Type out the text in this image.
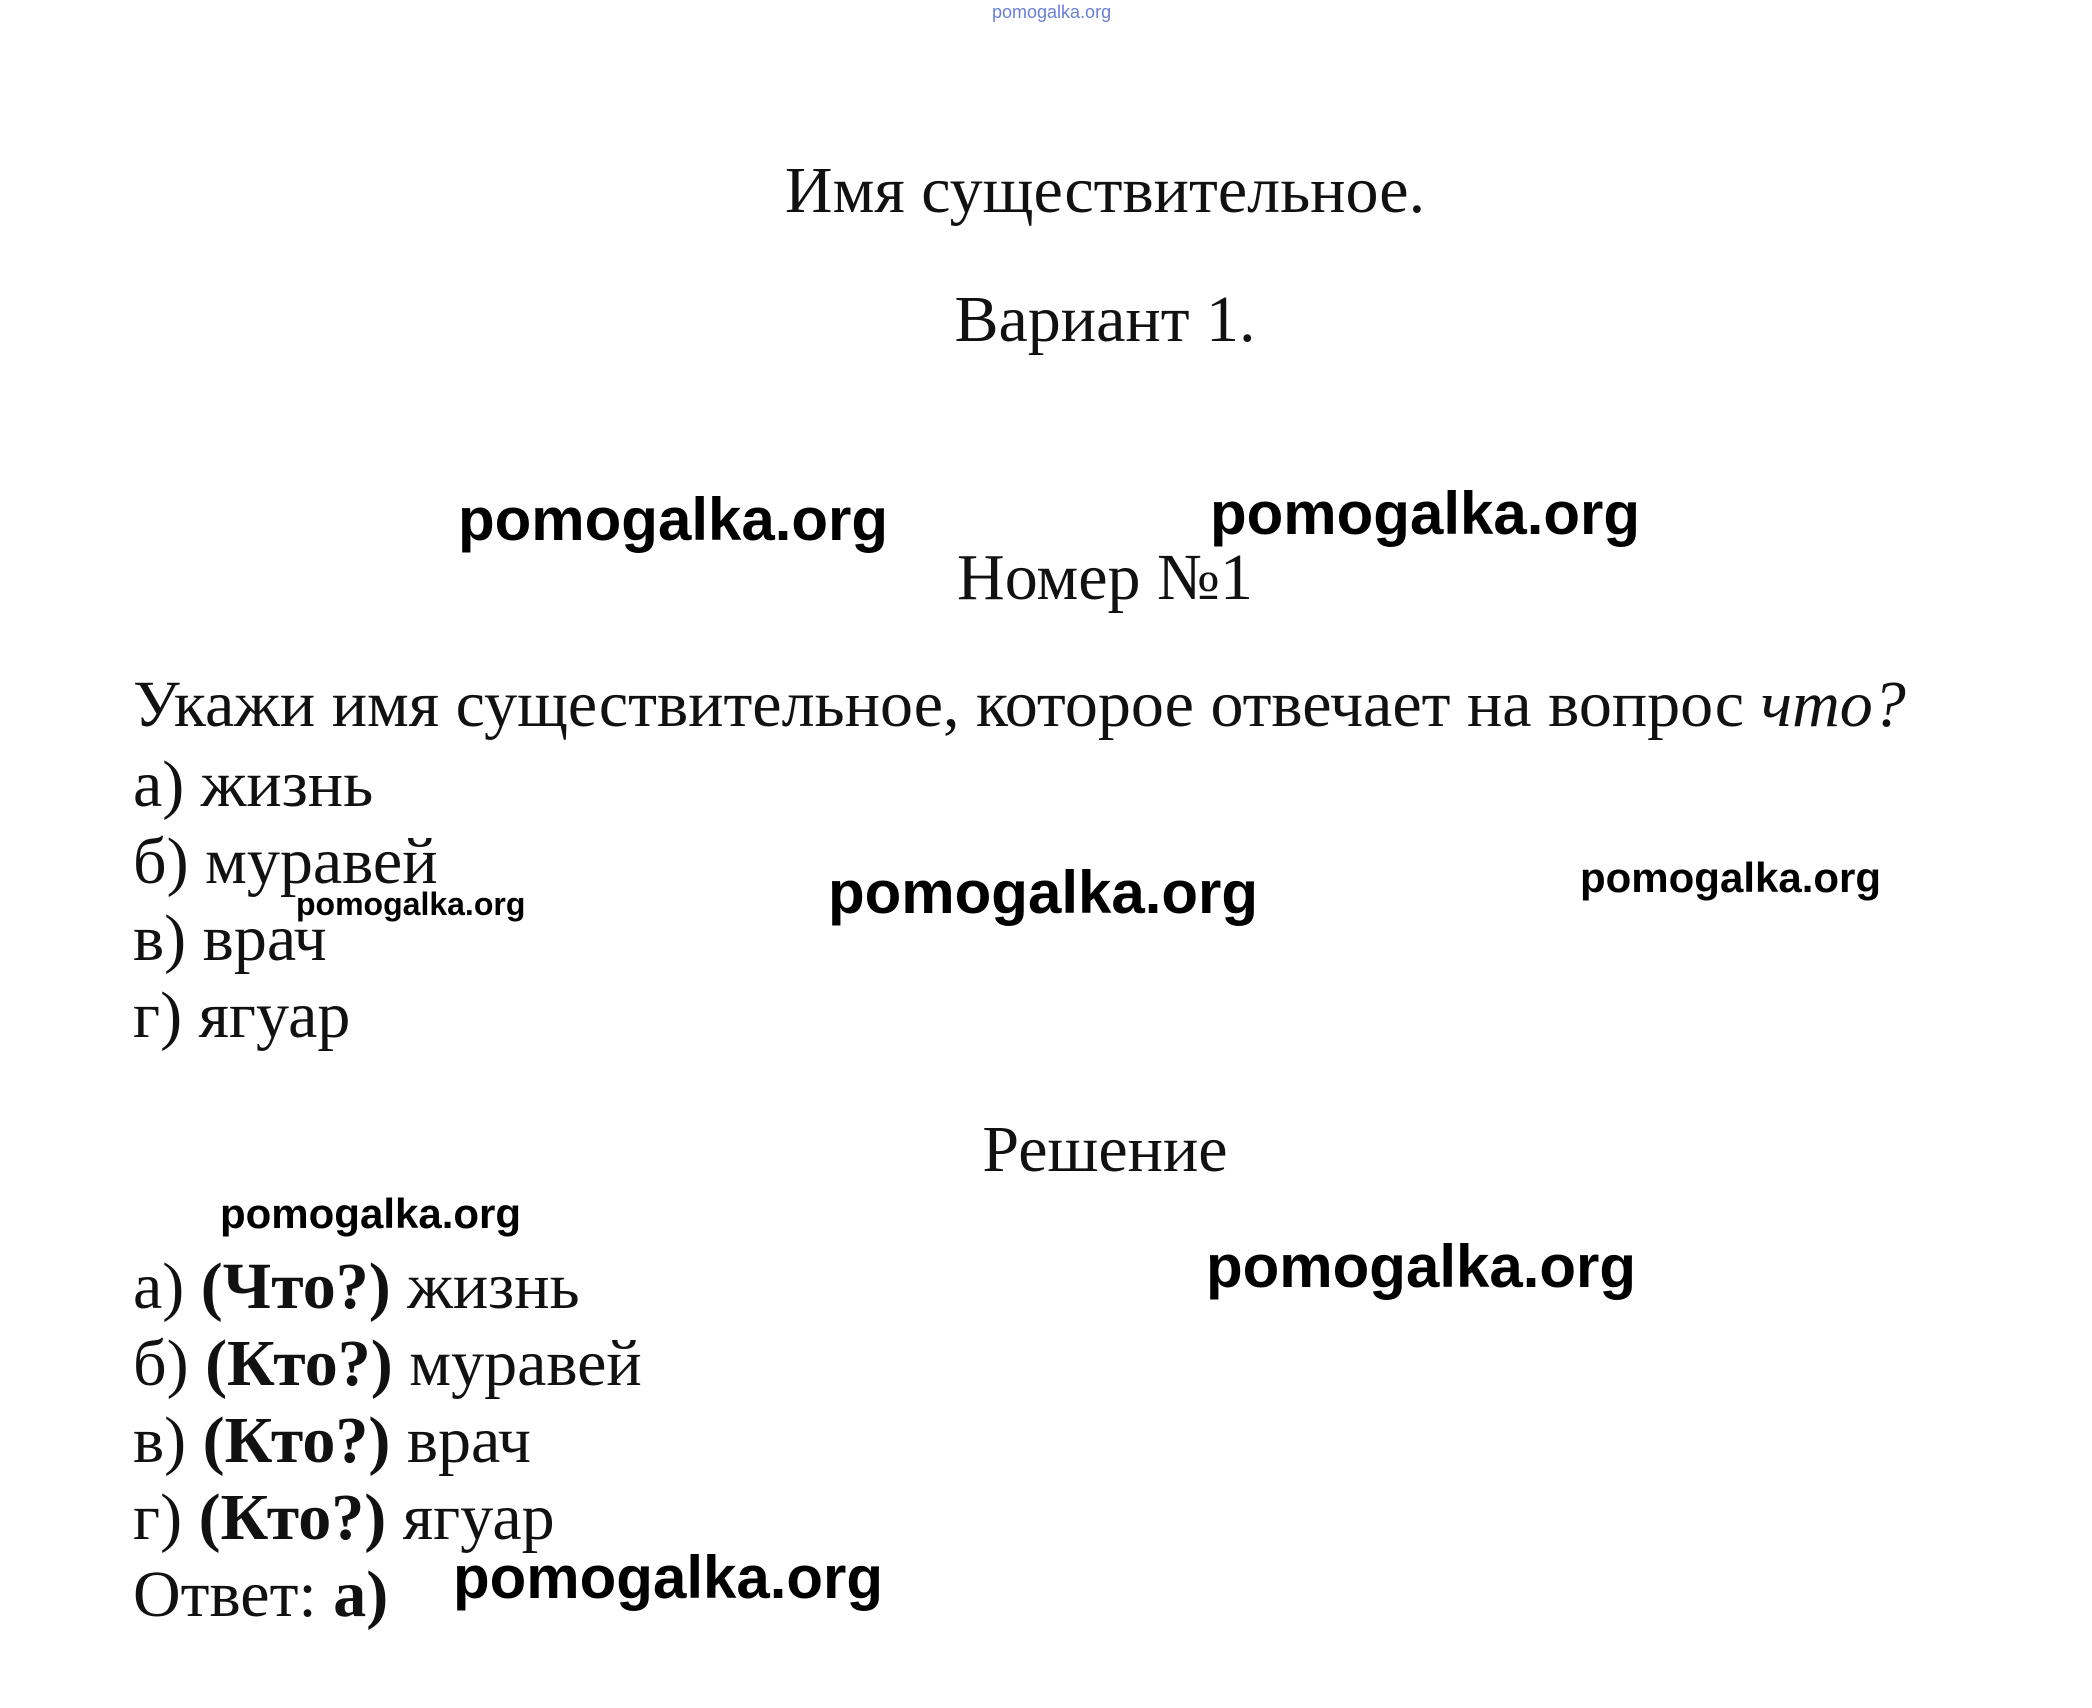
pomogalka.org
Имя существительное.
Вариант 1.
pomogalka.org	pomogalka.org
Номер №1
Укажи имя существительное, которое отвечает на вопрос что?
а) жизнь
б) муравей
в) врач
г) ягуар
pomogalka.org	pomogalka.org
pomogalka.org
Решение
pomogalka.org
pomogalka.org
а) (Что?) жизнь
б) (Кто?) муравей
в) (Кто?) врач
г) (Кто?) ягуар
Ответ: а) pomogalka.org
